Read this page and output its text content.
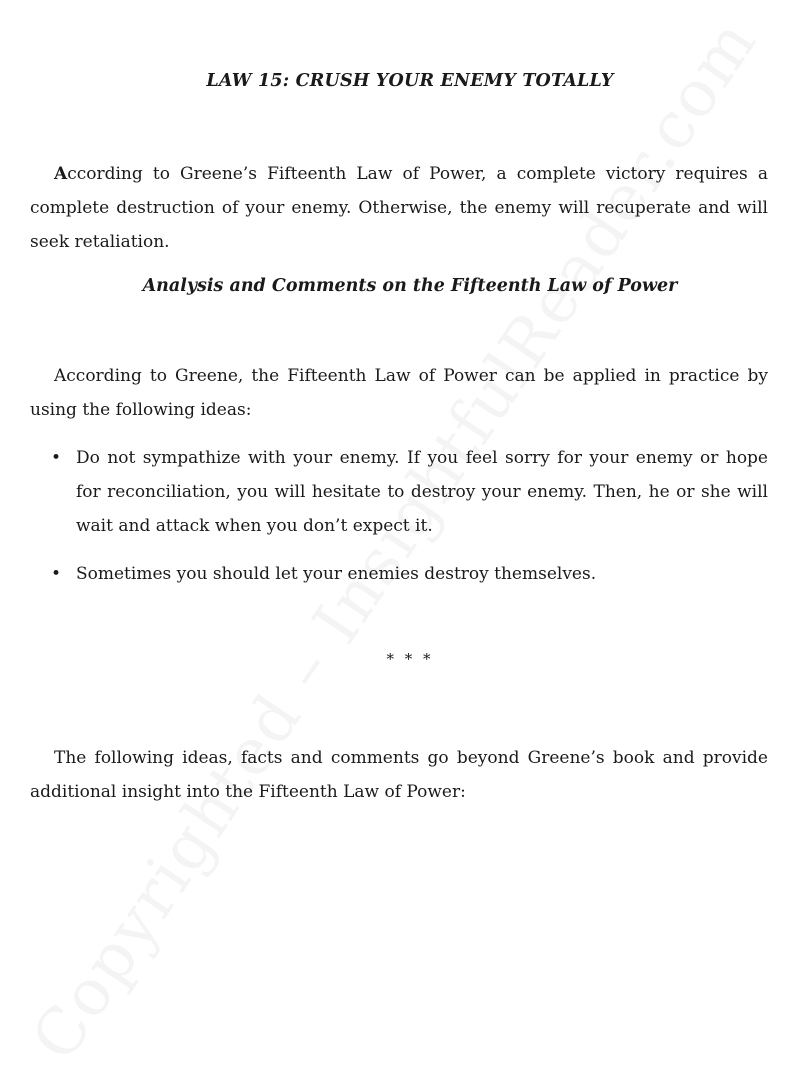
LAW 15: CRUSH YOUR ENEMY TOTALLY

According to Greene’s Fifteenth Law of Power, a complete victory requires a complete destruction of your enemy. Otherwise, the enemy will recuperate and will seek retaliation.

Analysis and Comments on the Fifteenth Law of Power

According to Greene, the Fifteenth Law of Power can be applied in practice by using the following ideas:

• Do not sympathize with your enemy. If you feel sorry for your enemy or hope for reconciliation, you will hesitate to destroy your enemy. Then, he or she will wait and attack when you don’t expect it.
• Sometimes you should let your enemies destroy themselves.
* * *

The following ideas, facts and comments go beyond Greene’s book and provide additional insight into the Fifteenth Law of Power:
